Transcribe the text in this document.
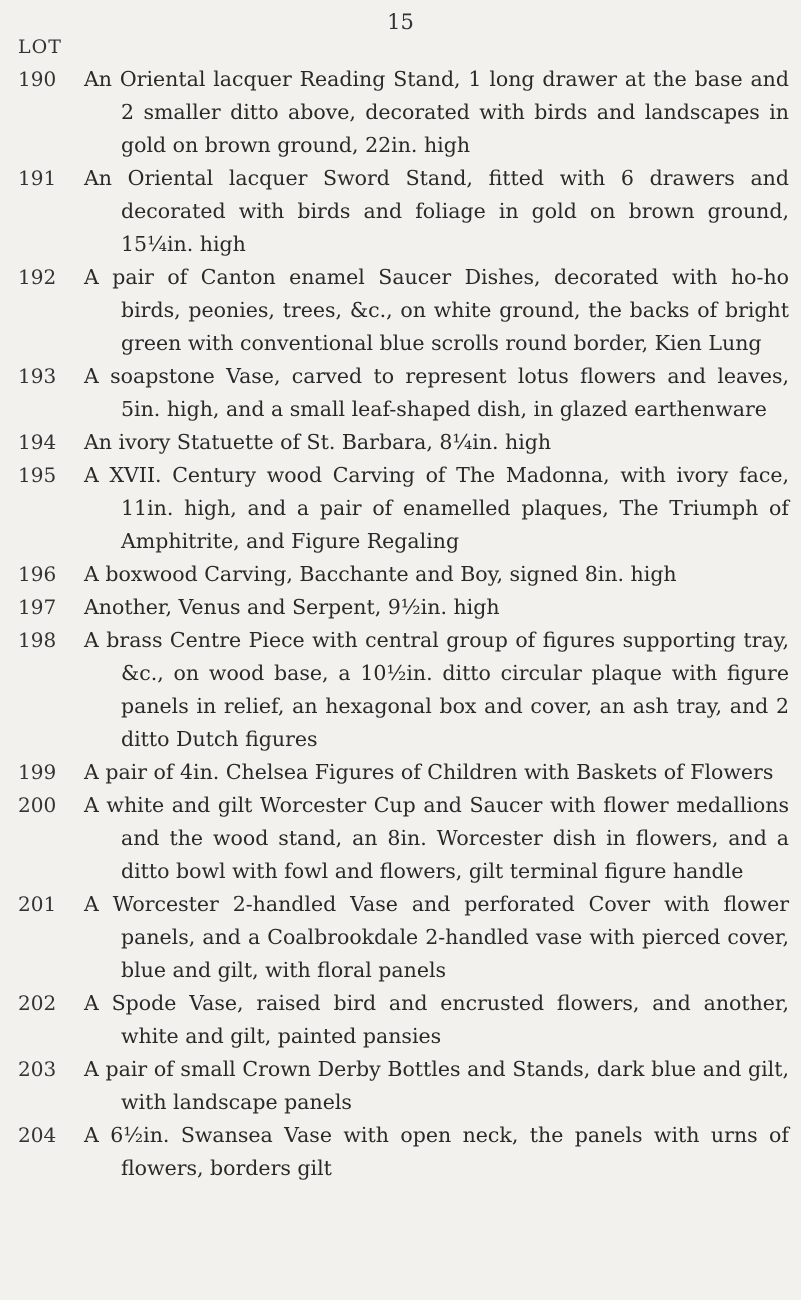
15
LOT
190	An Oriental lacquer Reading Stand, 1 long drawer at the base and 2 smaller ditto above, decorated with birds and landscapes in gold on brown ground, 22in. high

191	An Oriental lacquer Sword Stand, fitted with 6 drawers and decorated with birds and foliage in gold on brown ground, 15¼in. high

192	A pair of Canton enamel Saucer Dishes, decorated with ho-ho birds, peonies, trees, &c., on white ground, the backs of bright green with conventional blue scrolls round border, Kien Lung

193	A soapstone Vase, carved to represent lotus flowers and leaves, 5in. high, and a small leaf-shaped dish, in glazed earthenware

194	An ivory Statuette of St. Barbara, 8¼in. high

195	A XVII. Century wood Carving of The Madonna, with ivory face, 11in. high, and a pair of enamelled plaques, The Triumph of Amphitrite, and Figure Regaling

196	A boxwood Carving, Bacchante and Boy, signed 8in. high

197	Another, Venus and Serpent, 9½in. high

198	A brass Centre Piece with central group of figures supporting tray, &c., on wood base, a 10½in. ditto circular plaque with figure panels in relief, an hexagonal box and cover, an ash tray, and 2 ditto Dutch figures

199	A pair of 4in. Chelsea Figures of Children with Baskets of Flowers

200	A white and gilt Worcester Cup and Saucer with flower medallions and the wood stand, an 8in. Worcester dish in flowers, and a ditto bowl with fowl and flowers, gilt terminal figure handle

201	A Worcester 2-handled Vase and perforated Cover with flower panels, and a Coalbrookdale 2-handled vase with pierced cover, blue and gilt, with floral panels

202	A Spode Vase, raised bird and encrusted flowers, and another, white and gilt, painted pansies

203	A pair of small Crown Derby Bottles and Stands, dark blue and gilt, with landscape panels

204	A 6½in. Swansea Vase with open neck, the panels with urns of flowers, borders gilt
